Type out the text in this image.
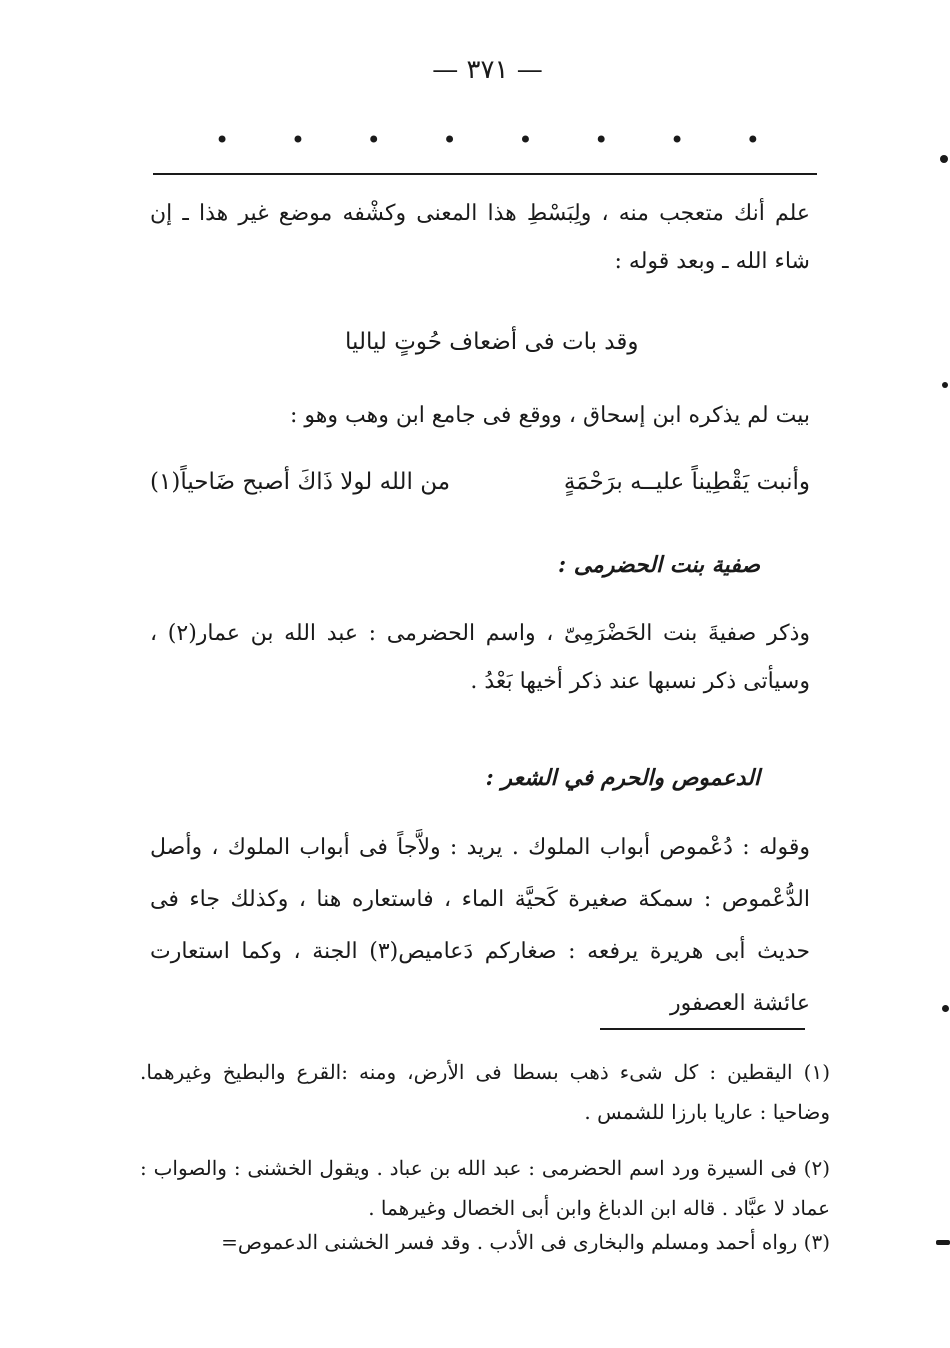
— ٣٧١ —
•	•	•	•	•	•	•	•

علم أنك متعجب منه ، ولِبَسْطِ هذا المعنى وكشْفه موضع غير هذا ـ إن شاء الله ـ وبعد قوله :

وقد بات فى أضعاف حُوتٍ لياليا

بيت لم يذكره ابن إسحاق ، ووقع فى جامع ابن وهب وهو :

وأنبت يَقْطِيناً عليــه برَحْمَةٍ
من الله لولا ذَاكَ أصبح ضَاحياً(١)
صفية بنت الحضرمى :

وذكر صفيةَ بنت الحَضْرَمِىّ ، واسم الحضرمى : عبد الله بن عمار(٢) ، وسيأتى ذكر نسبها عند ذكر أخيها بَعْدُ .

الدعموص والحرم في الشعر :

وقوله : دُعْموص أبواب الملوك . يريد : ولاَّجاً فى أبواب الملوك ، وأصل الدُّعْموص : سمكة صغيرة كَحيَّة الماء ، فاستعاره هنا ، وكذلك جاء فى حديث أبى هريرة يرفعه : صغاركم دَعاميص(٣) الجنة ، وكما استعارت عائشة العصفور

(١) اليقطين : كل شىء ذهب بسطا فى الأرض، ومنه :القرع والبطيخ وغيرهما. وضاحيا : عاريا بارزا للشمس .

(٢) فى السيرة ورد اسم الحضرمى : عبد الله بن عباد . ويقول الخشنى : والصواب : عماد لا عبَّاد . قاله ابن الدباغ وابن أبى الخصال وغيرهما .

(٣) رواه أحمد ومسلم والبخارى فى الأدب . وقد فسر الخشنى الدعموص=
